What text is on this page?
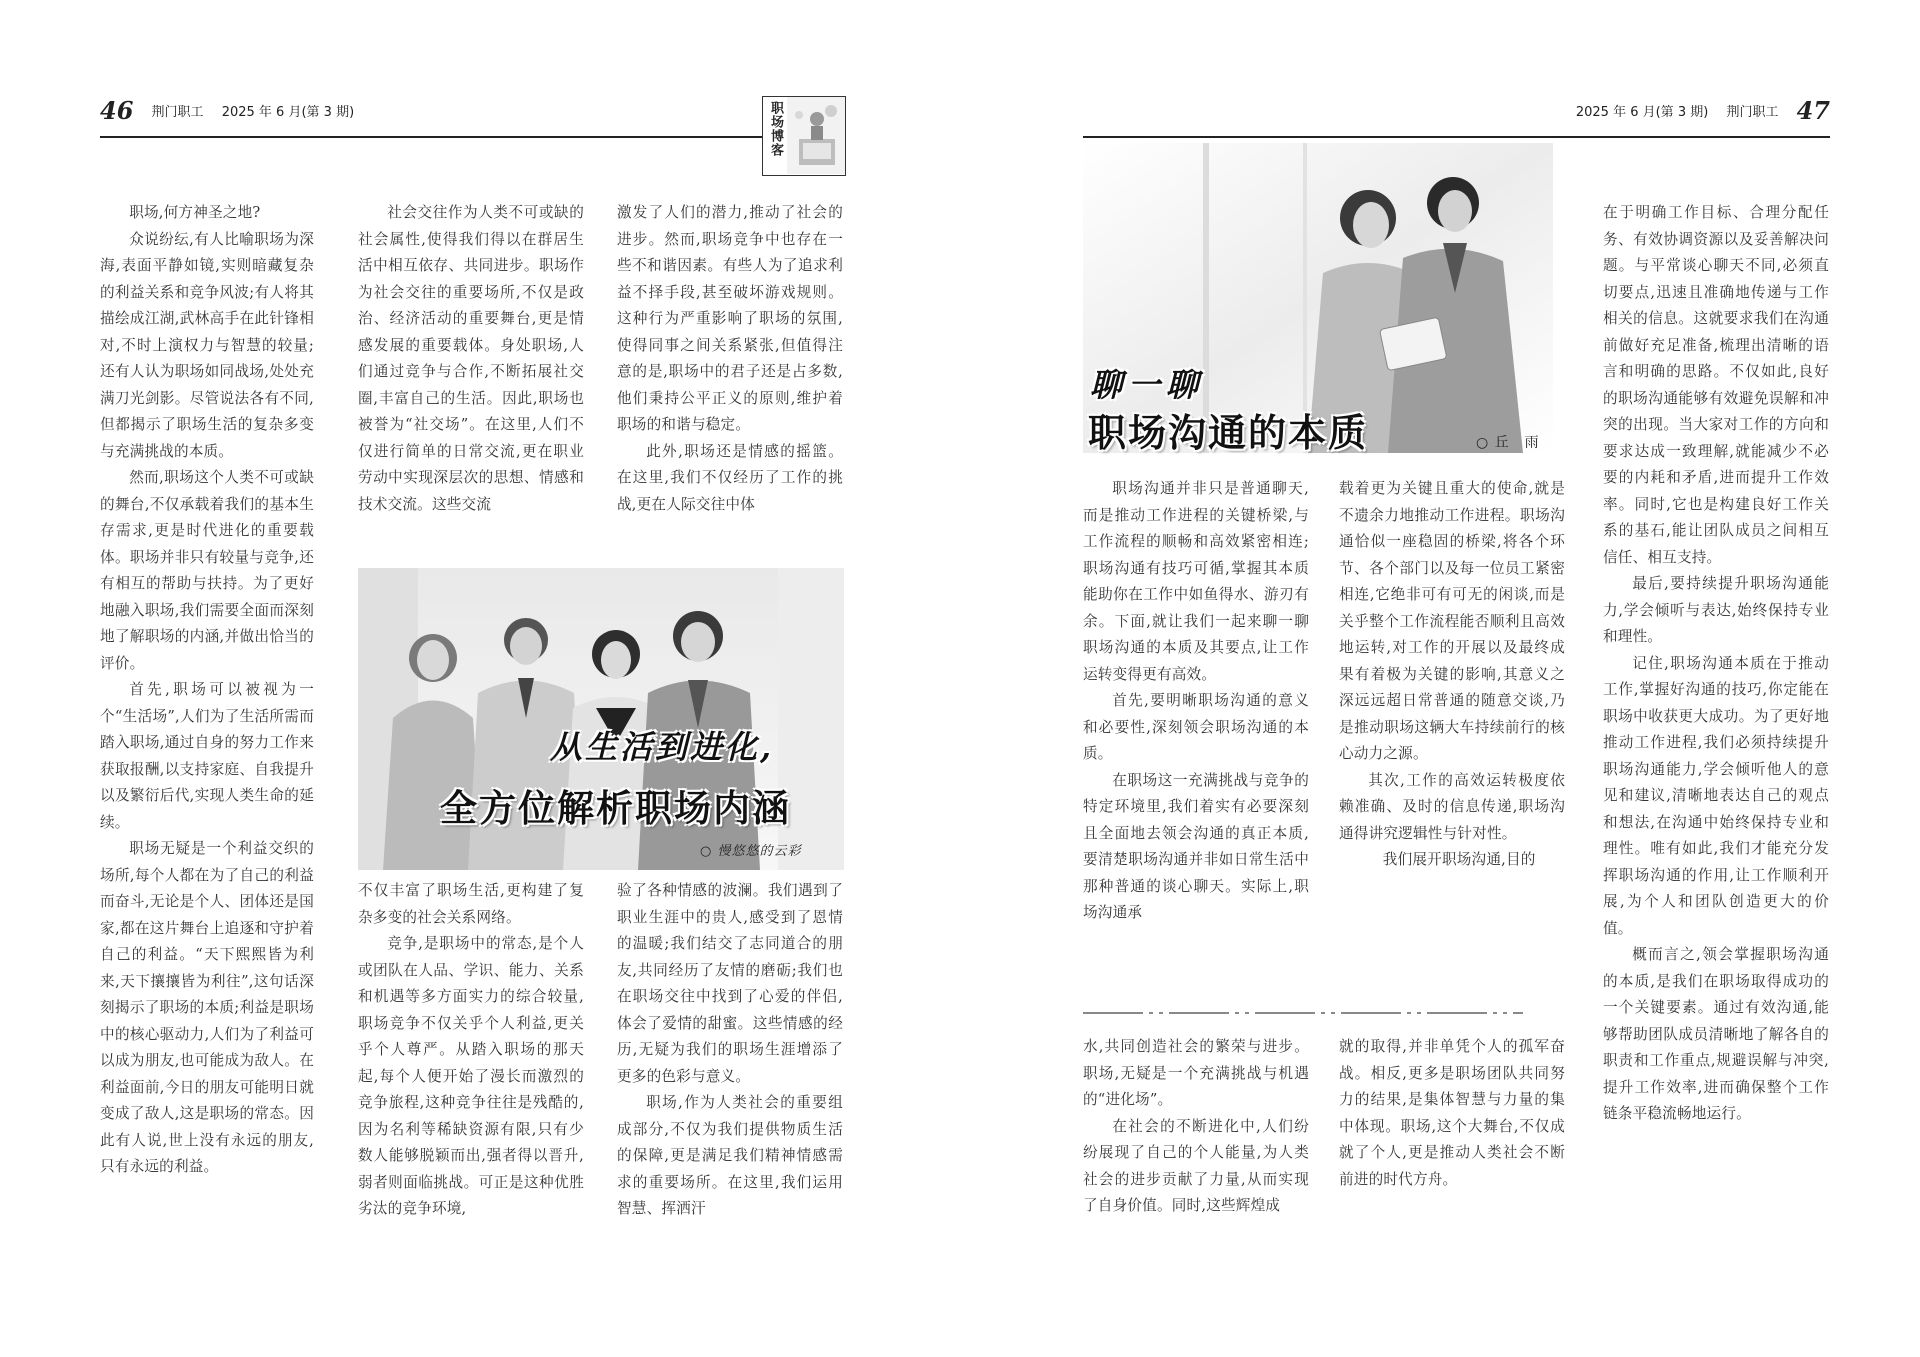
46 荆门职工 2025 年 6 月(第 3 期)	职场博客	2025 年 6 月(第 3 期) 荆门职工 47

职场,何方神圣之地?

众说纷纭,有人比喻职场为深海,表面平静如镜,实则暗藏复杂的利益关系和竞争风波;有人将其描绘成江湖,武林高手在此针锋相对,不时上演权力与智慧的较量;还有人认为职场如同战场,处处充满刀光剑影。尽管说法各有不同,但都揭示了职场生活的复杂多变与充满挑战的本质。

然而,职场这个人类不可或缺的舞台,不仅承载着我们的基本生存需求,更是时代进化的重要载体。职场并非只有较量与竞争,还有相互的帮助与扶持。为了更好地融入职场,我们需要全面而深刻地了解职场的内涵,并做出恰当的评价。

首先,职场可以被视为一个“生活场”,人们为了生活所需而踏入职场,通过自身的努力工作来获取报酬,以支持家庭、自我提升以及繁衍后代,实现人类生命的延续。

职场无疑是一个利益交织的场所,每个人都在为了自己的利益而奋斗,无论是个人、团体还是国家,都在这片舞台上追逐和守护着自己的利益。“天下熙熙皆为利来,天下攘攘皆为利往”,这句话深刻揭示了职场的本质;利益是职场中的核心驱动力,人们为了利益可以成为朋友,也可能成为敌人。在利益面前,今日的朋友可能明日就变成了敌人,这是职场的常态。因此有人说,世上没有永远的朋友,只有永远的利益。

社会交往作为人类不可或缺的社会属性,使得我们得以在群居生活中相互依存、共同进步。职场作为社会交往的重要场所,不仅是政治、经济活动的重要舞台,更是情感发展的重要载体。身处职场,人们通过竞争与合作,不断拓展社交圈,丰富自己的生活。因此,职场也被誉为“社交场”。在这里,人们不仅进行简单的日常交流,更在职业劳动中实现深层次的思想、情感和技术交流。这些交流

激发了人们的潜力,推动了社会的进步。然而,职场竞争中也存在一些不和谐因素。有些人为了追求利益不择手段,甚至破坏游戏规则。这种行为严重影响了职场的氛围,使得同事之间关系紧张,但值得注意的是,职场中的君子还是占多数,他们秉持公平正义的原则,维护着职场的和谐与稳定。

此外,职场还是情感的摇篮。在这里,我们不仅经历了工作的挑战,更在人际交往中体

从生活到进化,
全方位解析职场内涵
○ 慢悠悠的云彩

不仅丰富了职场生活,更构建了复杂多变的社会关系网络。

竞争,是职场中的常态,是个人或团队在人品、学识、能力、关系和机遇等多方面实力的综合较量,职场竞争不仅关乎个人利益,更关乎个人尊严。从踏入职场的那天起,每个人便开始了漫长而激烈的竞争旅程,这种竞争往往是残酷的,因为名利等稀缺资源有限,只有少数人能够脱颖而出,强者得以晋升,弱者则面临挑战。可正是这种优胜劣汰的竞争环境,

验了各种情感的波澜。我们遇到了职业生涯中的贵人,感受到了恩情的温暖;我们结交了志同道合的朋友,共同经历了友情的磨砺;我们也在职场交往中找到了心爱的伴侣,体会了爱情的甜蜜。这些情感的经历,无疑为我们的职场生涯增添了更多的色彩与意义。

职场,作为人类社会的重要组成部分,不仅为我们提供物质生活的保障,更是满足我们精神情感需求的重要场所。在这里,我们运用智慧、挥洒汗

聊一聊
职场沟通的本质	○ 丘　雨

职场沟通并非只是普通聊天,而是推动工作进程的关键桥梁,与工作流程的顺畅和高效紧密相连;职场沟通有技巧可循,掌握其本质能助你在工作中如鱼得水、游刃有余。下面,就让我们一起来聊一聊职场沟通的本质及其要点,让工作运转变得更有高效。

首先,要明晰职场沟通的意义和必要性,深刻领会职场沟通的本质。

在职场这一充满挑战与竞争的特定环境里,我们着实有必要深刻且全面地去领会沟通的真正本质,要清楚职场沟通并非如日常生活中那种普通的谈心聊天。实际上,职场沟通承

载着更为关键且重大的使命,就是不遗余力地推动工作进程。职场沟通恰似一座稳固的桥梁,将各个环节、各个部门以及每一位员工紧密相连,它绝非可有可无的闲谈,而是关乎整个工作流程能否顺利且高效地运转,对工作的开展以及最终成果有着极为关键的影响,其意义之深远远超日常普通的随意交谈,乃是推动职场这辆大车持续前行的核心动力之源。

其次,工作的高效运转极度依赖准确、及时的信息传递,职场沟通得讲究逻辑性与针对性。

我们展开职场沟通,目的

在于明确工作目标、合理分配任务、有效协调资源以及妥善解决问题。与平常谈心聊天不同,必须直切要点,迅速且准确地传递与工作相关的信息。这就要求我们在沟通前做好充足准备,梳理出清晰的语言和明确的思路。不仅如此,良好的职场沟通能够有效避免误解和冲突的出现。当大家对工作的方向和要求达成一致理解,就能减少不必要的内耗和矛盾,进而提升工作效率。同时,它也是构建良好工作关系的基石,能让团队成员之间相互信任、相互支持。

最后,要持续提升职场沟通能力,学会倾听与表达,始终保持专业和理性。

记住,职场沟通本质在于推动工作,掌握好沟通的技巧,你定能在职场中收获更大成功。为了更好地推动工作进程,我们必须持续提升职场沟通能力,学会倾听他人的意见和建议,清晰地表达自己的观点和想法,在沟通中始终保持专业和理性。唯有如此,我们才能充分发挥职场沟通的作用,让工作顺利开展,为个人和团队创造更大的价值。

概而言之,领会掌握职场沟通的本质,是我们在职场取得成功的一个关键要素。通过有效沟通,能够帮助团队成员清晰地了解各自的职责和工作重点,规避误解与冲突,提升工作效率,进而确保整个工作链条平稳流畅地运行。

水,共同创造社会的繁荣与进步。职场,无疑是一个充满挑战与机遇的“进化场”。

在社会的不断进化中,人们纷纷展现了自己的个人能量,为人类社会的进步贡献了力量,从而实现了自身价值。同时,这些辉煌成

就的取得,并非单凭个人的孤军奋战。相反,更多是职场团队共同努力的结果,是集体智慧与力量的集中体现。职场,这个大舞台,不仅成就了个人,更是推动人类社会不断前进的时代方舟。
